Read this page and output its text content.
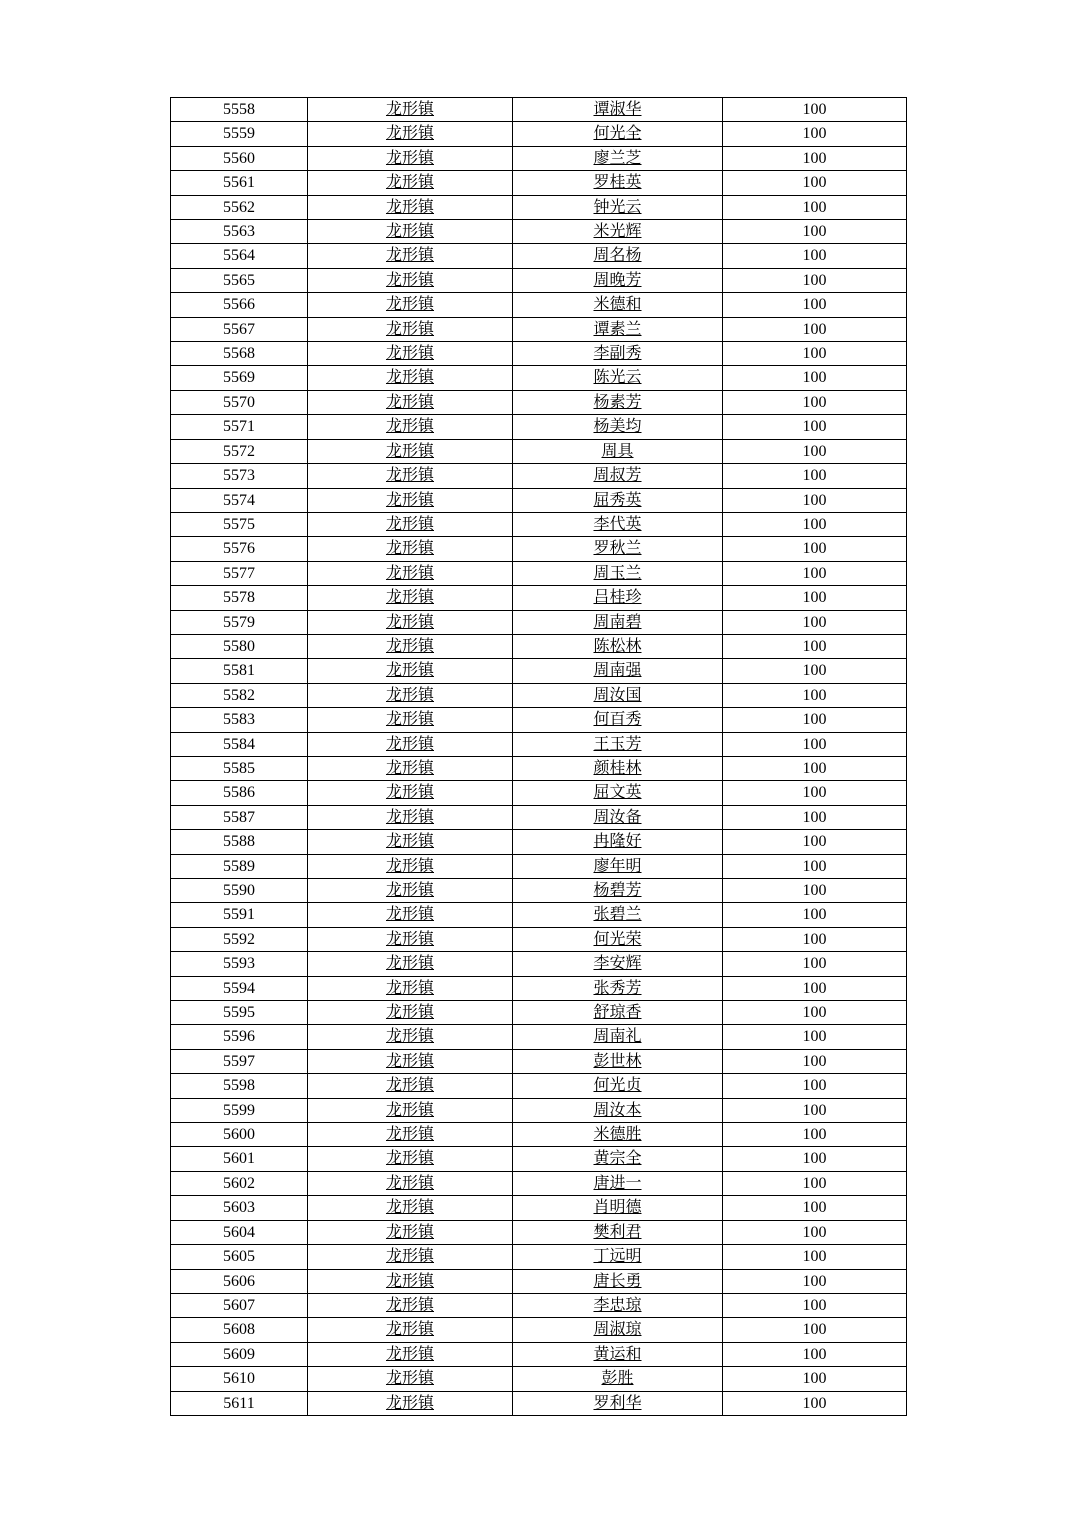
5558	龙形镇	谭淑华	100
5559	龙形镇	何光全	100
5560	龙形镇	廖兰芝	100
5561	龙形镇	罗桂英	100
5562	龙形镇	钟光云	100
5563	龙形镇	米光辉	100
5564	龙形镇	周名杨	100
5565	龙形镇	周晚芳	100
5566	龙形镇	米德和	100
5567	龙形镇	谭素兰	100
5568	龙形镇	李副秀	100
5569	龙形镇	陈光云	100
5570	龙形镇	杨素芳	100
5571	龙形镇	杨美均	100
5572	龙形镇	周具	100
5573	龙形镇	周叔芳	100
5574	龙形镇	屈秀英	100
5575	龙形镇	李代英	100
5576	龙形镇	罗秋兰	100
5577	龙形镇	周玉兰	100
5578	龙形镇	吕桂珍	100
5579	龙形镇	周南碧	100
5580	龙形镇	陈松林	100
5581	龙形镇	周南强	100
5582	龙形镇	周汝国	100
5583	龙形镇	何百秀	100
5584	龙形镇	王玉芳	100
5585	龙形镇	颜桂林	100
5586	龙形镇	屈文英	100
5587	龙形镇	周汝备	100
5588	龙形镇	冉隆好	100
5589	龙形镇	廖年明	100
5590	龙形镇	杨碧芳	100
5591	龙形镇	张碧兰	100
5592	龙形镇	何光荣	100
5593	龙形镇	李安辉	100
5594	龙形镇	张秀芳	100
5595	龙形镇	舒琼香	100
5596	龙形镇	周南礼	100
5597	龙形镇	彭世林	100
5598	龙形镇	何光贞	100
5599	龙形镇	周汝本	100
5600	龙形镇	米德胜	100
5601	龙形镇	黄宗全	100
5602	龙形镇	唐进一	100
5603	龙形镇	肖明德	100
5604	龙形镇	樊利君	100
5605	龙形镇	丁远明	100
5606	龙形镇	唐长勇	100
5607	龙形镇	李忠琼	100
5608	龙形镇	周淑琼	100
5609	龙形镇	黄运和	100
5610	龙形镇	彭胜	100
5611	龙形镇	罗利华	100
